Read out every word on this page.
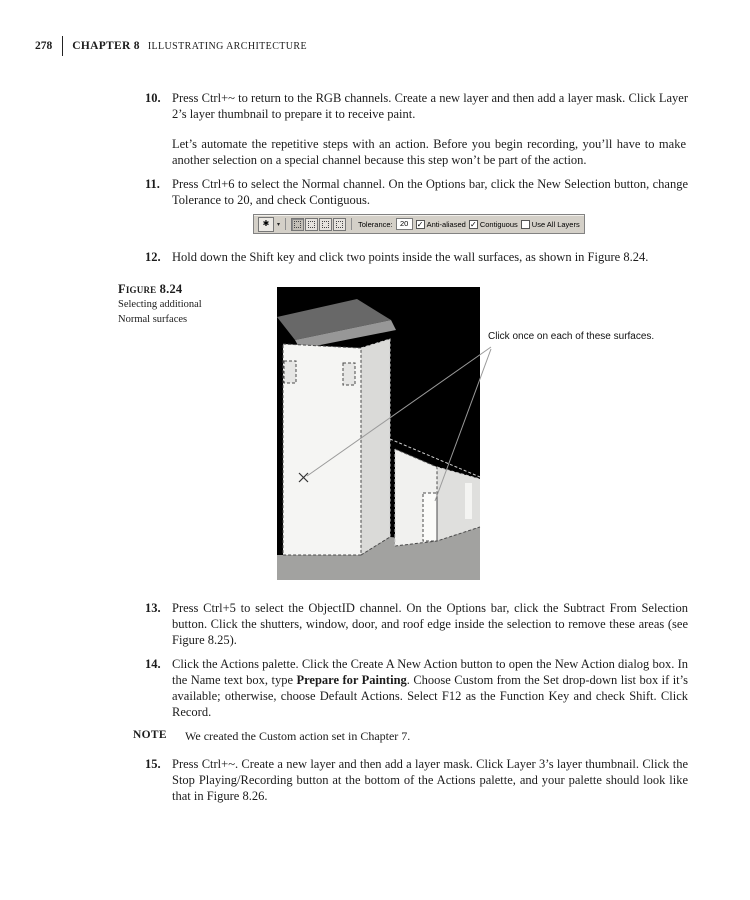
278 CHAPTER 8 ILLUSTRATING ARCHITECTURE
10. Press Ctrl+~ to return to the RGB channels. Create a new layer and then add a layer mask. Click Layer 2’s layer thumbnail to prepare it to receive paint.
Let’s automate the repetitive steps with an action. Before you begin recording, you’ll have to make another selection on a special channel because this step won’t be part of the action.
11. Press Ctrl+6 to select the Normal channel. On the Options bar, click the New Selection button, change Tolerance to 20, and check Contiguous.
✱	▾	Tolerance: 20	✓ Anti-aliased ✓ Contiguous Use All Layers
12. Hold down the Shift key and click two points inside the wall surfaces, as shown in Figure 8.24.
Figure 8.24
Selecting additional
Normal surfaces
Click once on each of these surfaces.
13. Press Ctrl+5 to select the ObjectID channel. On the Options bar, click the Subtract From Selection button. Click the shutters, window, door, and roof edge inside the selection to remove these areas (see Figure 8.25).
14. Click the Actions palette. Click the Create A New Action button to open the New Action dialog box. In the Name text box, type Prepare for Painting. Choose Custom from the Set drop-down list box if it’s available; otherwise, choose Default Actions. Select F12 as the Function Key and check Shift. Click Record.
NOTE	We created the Custom action set in Chapter 7.
15. Press Ctrl+~. Create a new layer and then add a layer mask. Click Layer 3’s layer thumbnail. Click the Stop Playing/Recording button at the bottom of the Actions palette, and your palette should look like that in Figure 8.26.
